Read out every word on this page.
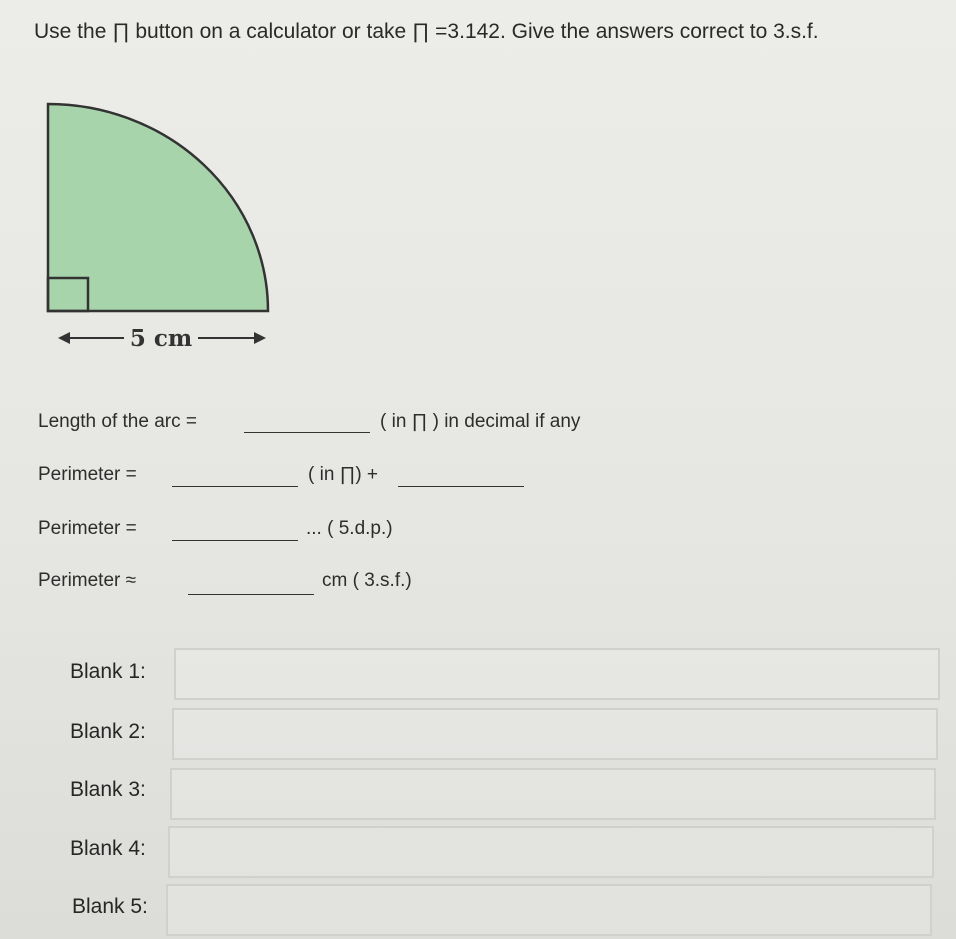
Use the ∏ button on a calculator or take ∏ =3.142. Give the answers correct to 3.s.f.
5 cm
Length of the arc =	( in ∏ ) in decimal if any
Perimeter =	( in ∏) +
Perimeter =	... ( 5.d.p.)
Perimeter ≈	cm ( 3.s.f.)
Blank 1:
Blank 2:
Blank 3:
Blank 4:
Blank 5:
